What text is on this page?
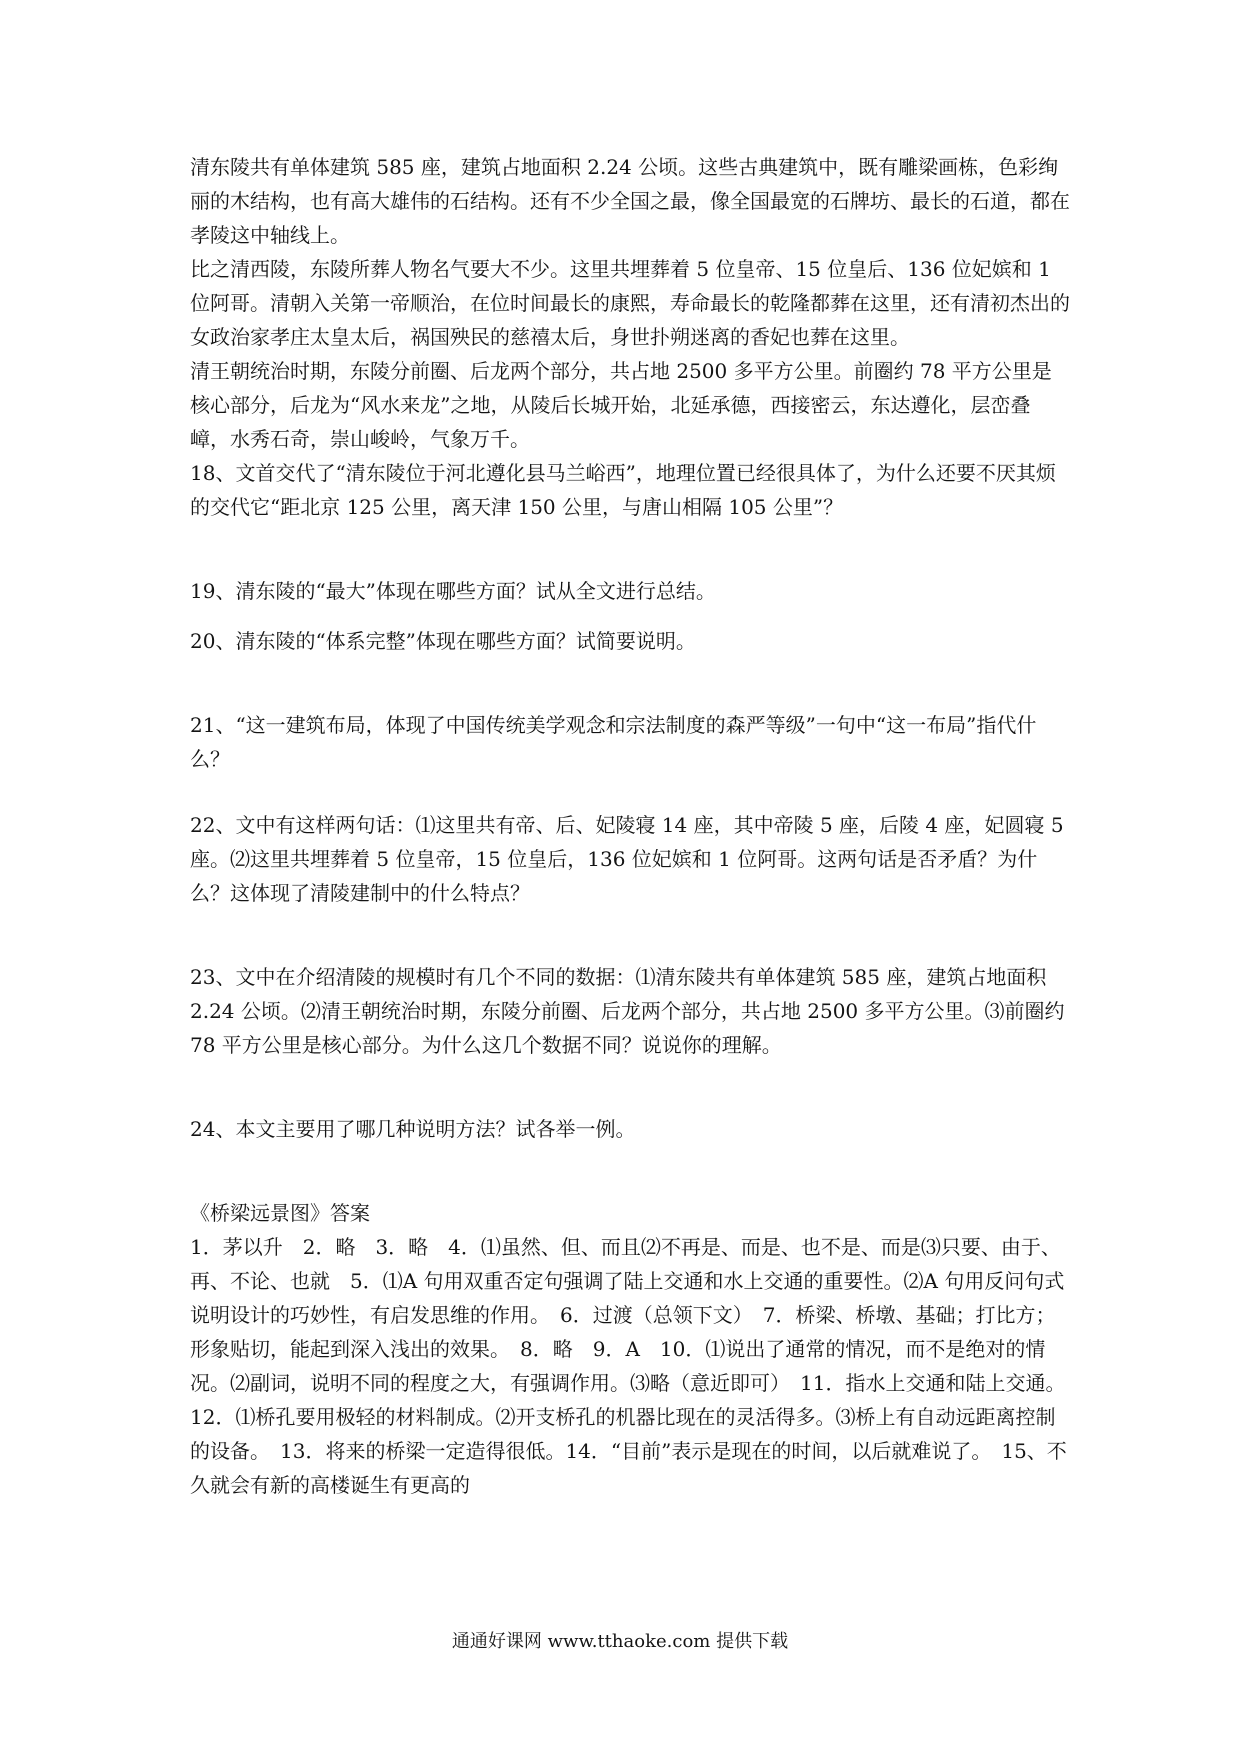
清东陵共有单体建筑 585 座，建筑占地面积 2.24 公顷。这些古典建筑中，既有雕梁画栋，色彩绚丽的木结构，也有高大雄伟的石结构。还有不少全国之最，像全国最宽的石牌坊、最长的石道，都在孝陵这中轴线上。

比之清西陵，东陵所葬人物名气要大不少。这里共埋葬着 5 位皇帝、15 位皇后、136 位妃嫔和 1 位阿哥。清朝入关第一帝顺治，在位时间最长的康熙，寿命最长的乾隆都葬在这里，还有清初杰出的女政治家孝庄太皇太后，祸国殃民的慈禧太后，身世扑朔迷离的香妃也葬在这里。

清王朝统治时期，东陵分前圈、后龙两个部分，共占地 2500 多平方公里。前圈约 78 平方公里是核心部分，后龙为“风水来龙”之地，从陵后长城开始，北延承德，西接密云，东达遵化，层峦叠嶂，水秀石奇，崇山峻岭，气象万千。

18、文首交代了“清东陵位于河北遵化县马兰峪西”，地理位置已经很具体了，为什么还要不厌其烦的交代它“距北京 125 公里，离天津 150 公里，与唐山相隔 105 公里”？

19、清东陵的“最大”体现在哪些方面？试从全文进行总结。

20、清东陵的“体系完整”体现在哪些方面？试简要说明。

21、“这一建筑布局，体现了中国传统美学观念和宗法制度的森严等级”一句中“这一布局”指代什么？

22、文中有这样两句话：⑴这里共有帝、后、妃陵寝 14 座，其中帝陵 5 座，后陵 4 座，妃圆寝 5 座。⑵这里共埋葬着 5 位皇帝，15 位皇后，136 位妃嫔和 1 位阿哥。这两句话是否矛盾？为什么？这体现了清陵建制中的什么特点？

23、文中在介绍清陵的规模时有几个不同的数据：⑴清东陵共有单体建筑 585 座，建筑占地面积 2.24 公顷。⑵清王朝统治时期，东陵分前圈、后龙两个部分，共占地 2500 多平方公里。⑶前圈约 78 平方公里是核心部分。为什么这几个数据不同？说说你的理解。

24、本文主要用了哪几种说明方法？试各举一例。

《桥梁远景图》答案

1．茅以升　2．略　3．略　4．⑴虽然、但、而且⑵不再是、而是、也不是、而是⑶只要、由于、再、不论、也就　5．⑴A 句用双重否定句强调了陆上交通和水上交通的重要性。⑵A 句用反问句式说明设计的巧妙性，有启发思维的作用。　6．过渡（总领下文）　7．桥梁、桥墩、基础；打比方；形象贴切，能起到深入浅出的效果。　8．略　9．A　10．⑴说出了通常的情况，而不是绝对的情况。⑵副词，说明不同的程度之大，有强调作用。⑶略（意近即可）　11．指水上交通和陆上交通。　12．⑴桥孔要用极轻的材料制成。⑵开支桥孔的机器比现在的灵活得多。⑶桥上有自动远距离控制的设备。　13．将来的桥梁一定造得很低。14．“目前”表示是现在的时间，以后就难说了。　15、不久就会有新的高楼诞生有更高的

通通好课网 www.tthaoke.com 提供下载
